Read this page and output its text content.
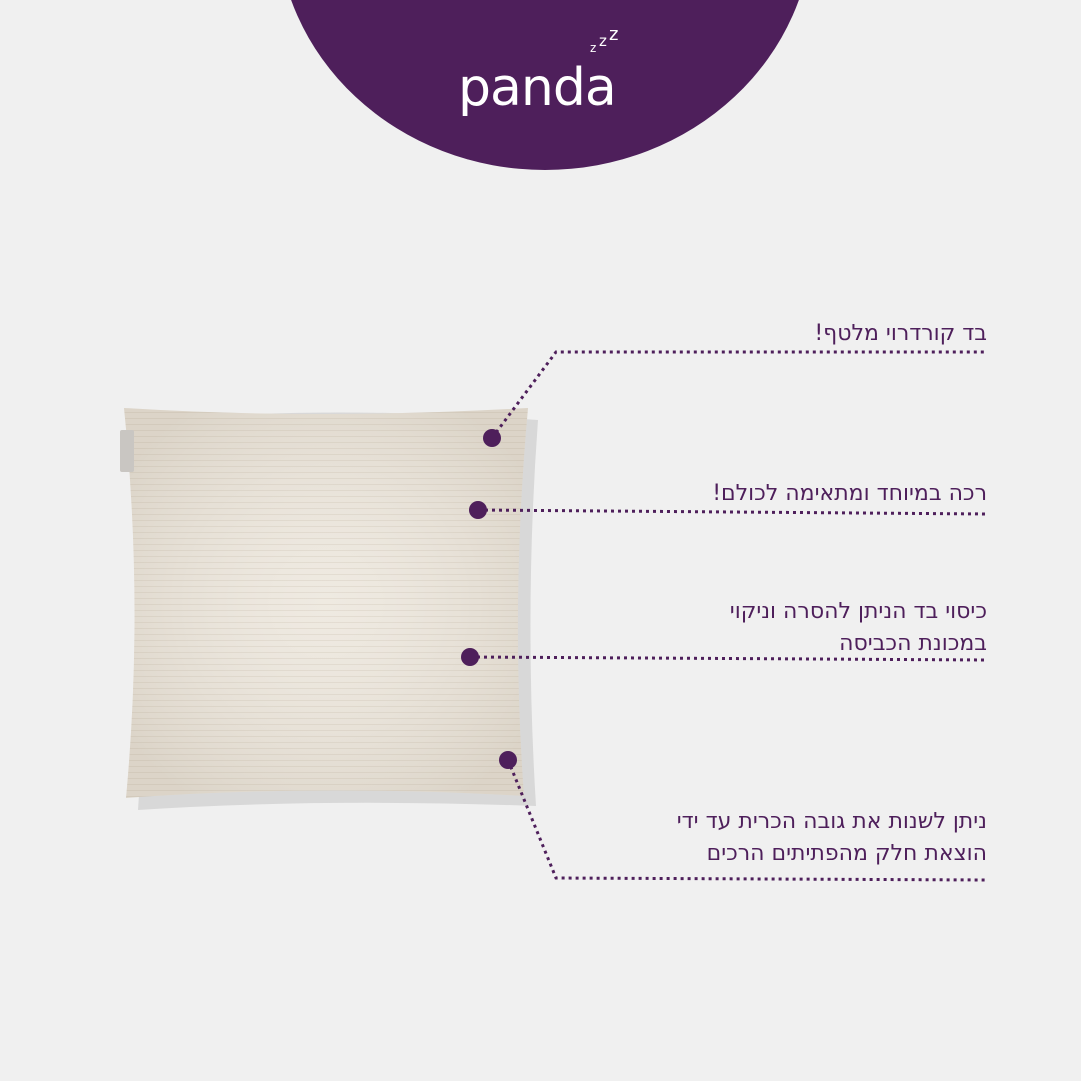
panda
z z z
בד קורדרוי מלטף!
רכה במיוחד ומתאימה לכולם!
כיסוי בד הניתן להסרה וניקוי
במכונת הכביסה
ניתן לשנות את גובה הכרית עד ידי
הוצאת חלק מהפתיתים הרכים
